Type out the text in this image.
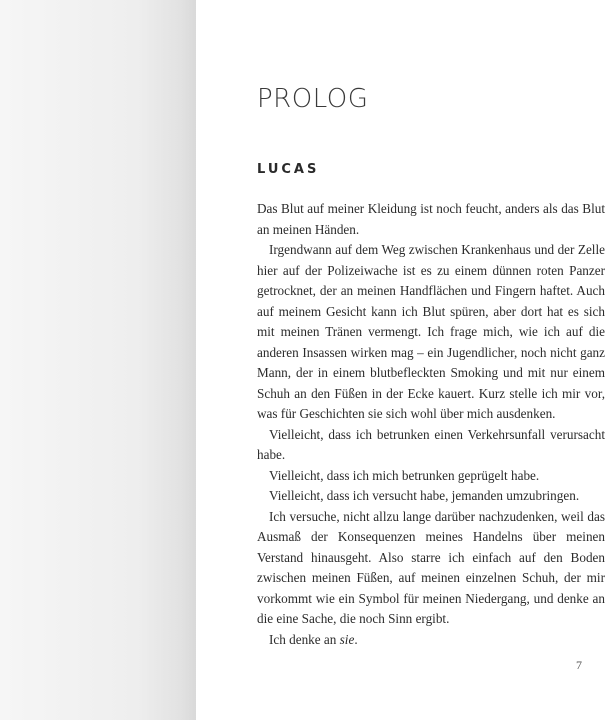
PROLOG
LUCAS

Das Blut auf meiner Kleidung ist noch feucht, anders als das Blut an meinen Händen.

Irgendwann auf dem Weg zwischen Krankenhaus und der Zelle hier auf der Polizeiwache ist es zu einem dünnen roten Panzer getrocknet, der an meinen Handflächen und Fingern haftet. Auch auf meinem Gesicht kann ich Blut spüren, aber dort hat es sich mit meinen Tränen vermengt. Ich frage mich, wie ich auf die anderen Insassen wirken mag – ein Jugendlicher, noch nicht ganz Mann, der in einem blutbefleckten Smoking und mit nur einem Schuh an den Füßen in der Ecke kauert. Kurz stelle ich mir vor, was für Geschichten sie sich wohl über mich ausdenken.

Vielleicht, dass ich betrunken einen Verkehrsunfall verursacht habe.

Vielleicht, dass ich mich betrunken geprügelt habe.

Vielleicht, dass ich versucht habe, jemanden umzubringen.

Ich versuche, nicht allzu lange darüber nachzudenken, weil das Ausmaß der Konsequenzen meines Handelns über meinen Verstand hinausgeht. Also starre ich einfach auf den Boden zwischen meinen Füßen, auf meinen einzelnen Schuh, der mir vorkommt wie ein Symbol für meinen Niedergang, und denke an die eine Sache, die noch Sinn ergibt.

Ich denke an sie.

7
